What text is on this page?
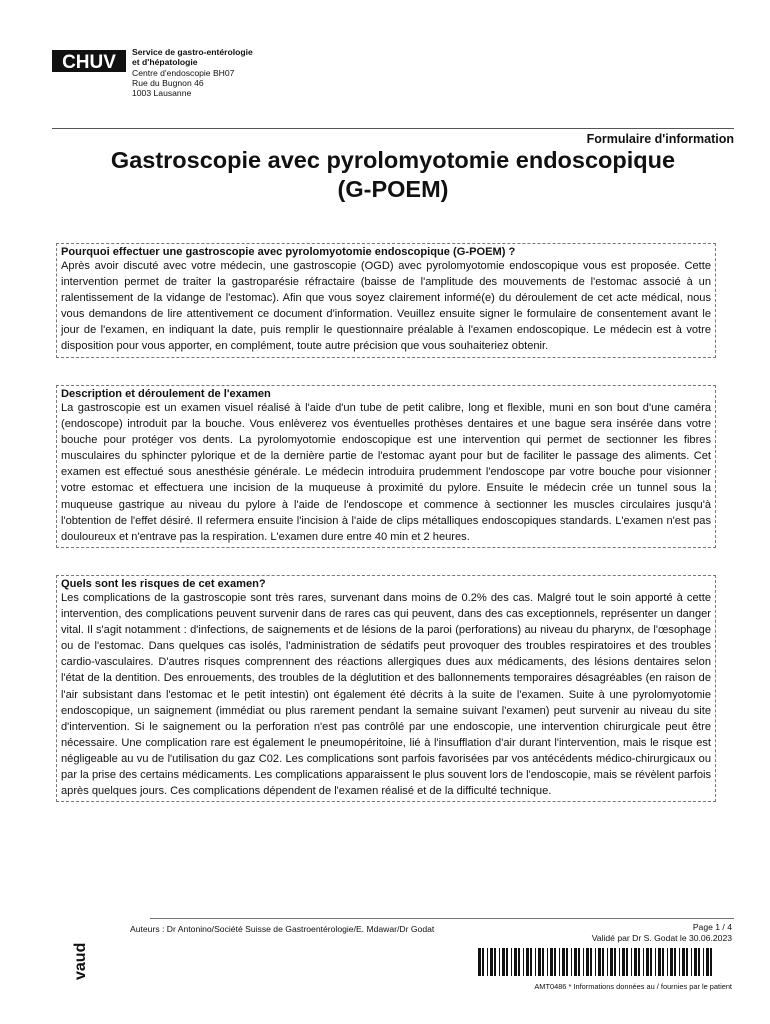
CHUV Service de gastro-entérologie
et d'hépatologie
Centre d'endoscopie BH07
Rue du Bugnon 46
1003 Lausanne
Formulaire d'information
Gastroscopie avec pyrolomyotomie endoscopique
(G-POEM)
Pourquoi effectuer une gastroscopie avec pyrolomyotomie endoscopique (G-POEM) ?

Après avoir discuté avec votre médecin, une gastroscopie (OGD) avec pyrolomyotomie endoscopique vous est proposée. Cette intervention permet de traiter la gastroparésie réfractaire (baisse de l'amplitude des mouvements de l'estomac associé à un ralentissement de la vidange de l'estomac). Afin que vous soyez clairement informé(e) du déroulement de cet acte médical, nous vous demandons de lire attentivement ce document d'information. Veuillez ensuite signer le formulaire de consentement avant le jour de l'examen, en indiquant la date, puis remplir le questionnaire préalable à l'examen endoscopique. Le médecin est à votre disposition pour vous apporter, en complément, toute autre précision que vous souhaiteriez obtenir.

Description et déroulement de l'examen

La gastroscopie est un examen visuel réalisé à l'aide d'un tube de petit calibre, long et flexible, muni en son bout d'une caméra (endoscope) introduit par la bouche. Vous enlèverez vos éventuelles prothèses dentaires et une bague sera insérée dans votre bouche pour protéger vos dents. La pyrolomyotomie endoscopique est une intervention qui permet de sectionner les fibres musculaires du sphincter pylorique et de la dernière partie de l'estomac ayant pour but de faciliter le passage des aliments. Cet examen est effectué sous anesthésie générale. Le médecin introduira prudemment l'endoscope par votre bouche pour visionner votre estomac et effectuera une incision de la muqueuse à proximité du pylore. Ensuite le médecin crée un tunnel sous la muqueuse gastrique au niveau du pylore à l'aide de l'endoscope et commence à sectionner les muscles circulaires jusqu'à l'obtention de l'effet désiré. Il refermera ensuite l'incision à l'aide de clips métalliques endoscopiques standards. L'examen n'est pas douloureux et n'entrave pas la respiration. L'examen dure entre 40 min et 2 heures.

Quels sont les risques de cet examen?

Les complications de la gastroscopie sont très rares, survenant dans moins de 0.2% des cas. Malgré tout le soin apporté à cette intervention, des complications peuvent survenir dans de rares cas qui peuvent, dans des cas exceptionnels, représenter un danger vital. Il s'agit notamment : d'infections, de saignements et de lésions de la paroi (perforations) au niveau du pharynx, de l'œsophage ou de l'estomac. Dans quelques cas isolés, l'administration de sédatifs peut provoquer des troubles respiratoires et des troubles cardio-vasculaires. D'autres risques comprennent des réactions allergiques dues aux médicaments, des lésions dentaires selon l'état de la dentition. Des enrouements, des troubles de la déglutition et des ballonnements temporaires désagréables (en raison de l'air subsistant dans l'estomac et le petit intestin) ont également été décrits à la suite de l'examen. Suite à une pyrolomyotomie endoscopique, un saignement (immédiat ou plus rarement pendant la semaine suivant l'examen) peut survenir au niveau du site d'intervention. Si le saignement ou la perforation n'est pas contrôlé par une endoscopie, une intervention chirurgicale peut être nécessaire. Une complication rare est également le pneumopéritoine, lié à l'insufflation d'air durant l'intervention, mais le risque est négligeable au vu de l'utilisation du gaz C02. Les complications sont parfois favorisées par vos antécédents médico-chirurgicaux ou par la prise des certains médicaments. Les complications apparaissent le plus souvent lors de l'endoscopie, mais se révèlent parfois après quelques jours. Ces complications dépendent de l'examen réalisé et de la difficulté technique.

Auteurs : Dr Antonino/Société Suisse de Gastroentérologie/E. Mdawar/Dr Godat	Page 1 / 4
Validé par Dr S. Godat le 30.06.2023
vaud
AMT0486 * Informations données au / fournies par le patient
